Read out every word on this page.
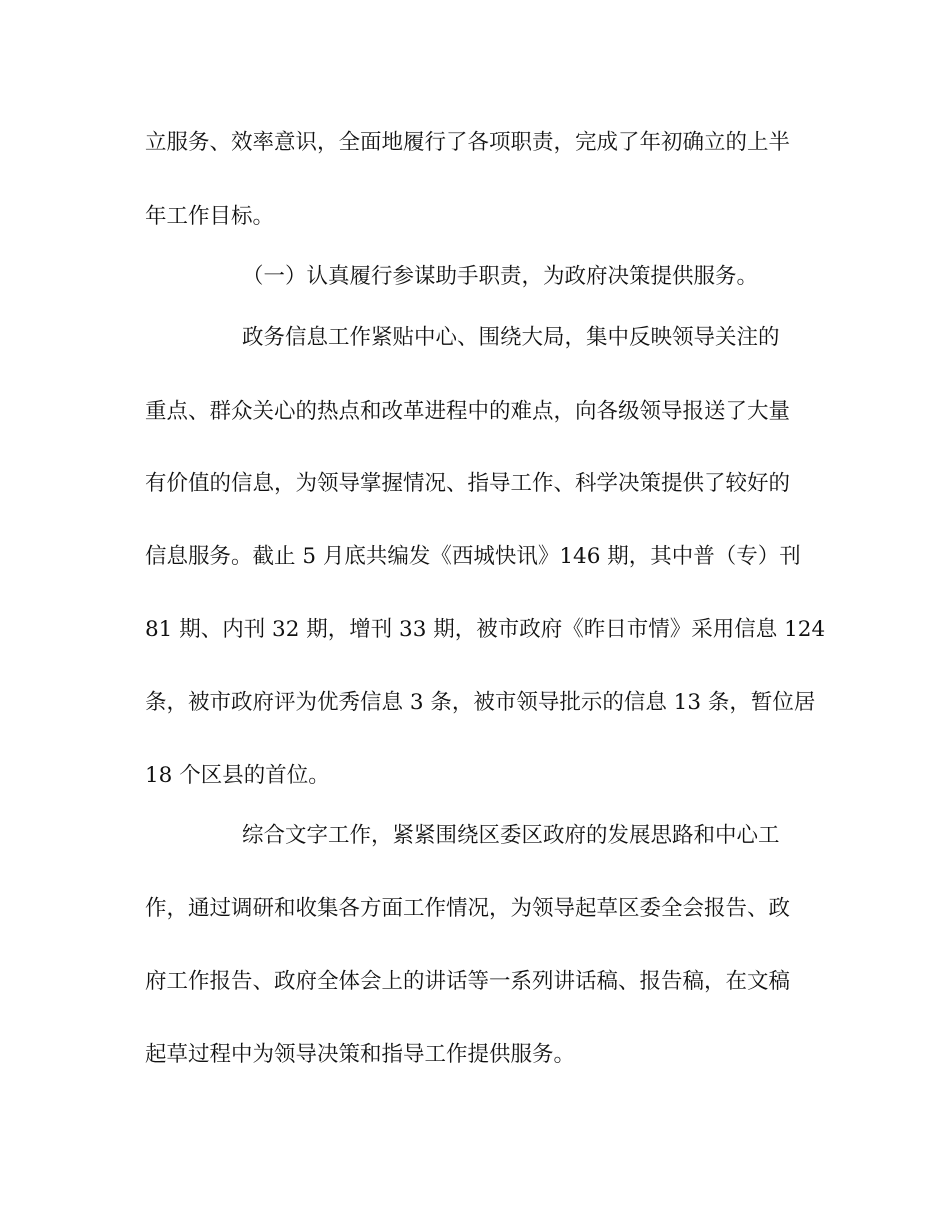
立服务、效率意识，全面地履行了各项职责，完成了年初确立的上半
年工作目标。
（一）认真履行参谋助手职责，为政府决策提供服务。
政务信息工作紧贴中心、围绕大局，集中反映领导关注的
重点、群众关心的热点和改革进程中的难点，向各级领导报送了大量
有价值的信息，为领导掌握情况、指导工作、科学决策提供了较好的
信息服务。截止 5 月底共编发《西城快讯》146 期，其中普（专）刊
81 期、内刊 32 期，增刊 33 期，被市政府《昨日市情》采用信息 124
条，被市政府评为优秀信息 3 条，被市领导批示的信息 13 条，暂位居
18 个区县的首位。
综合文字工作，紧紧围绕区委区政府的发展思路和中心工
作，通过调研和收集各方面工作情况，为领导起草区委全会报告、政
府工作报告、政府全体会上的讲话等一系列讲话稿、报告稿，在文稿
起草过程中为领导决策和指导工作提供服务。
